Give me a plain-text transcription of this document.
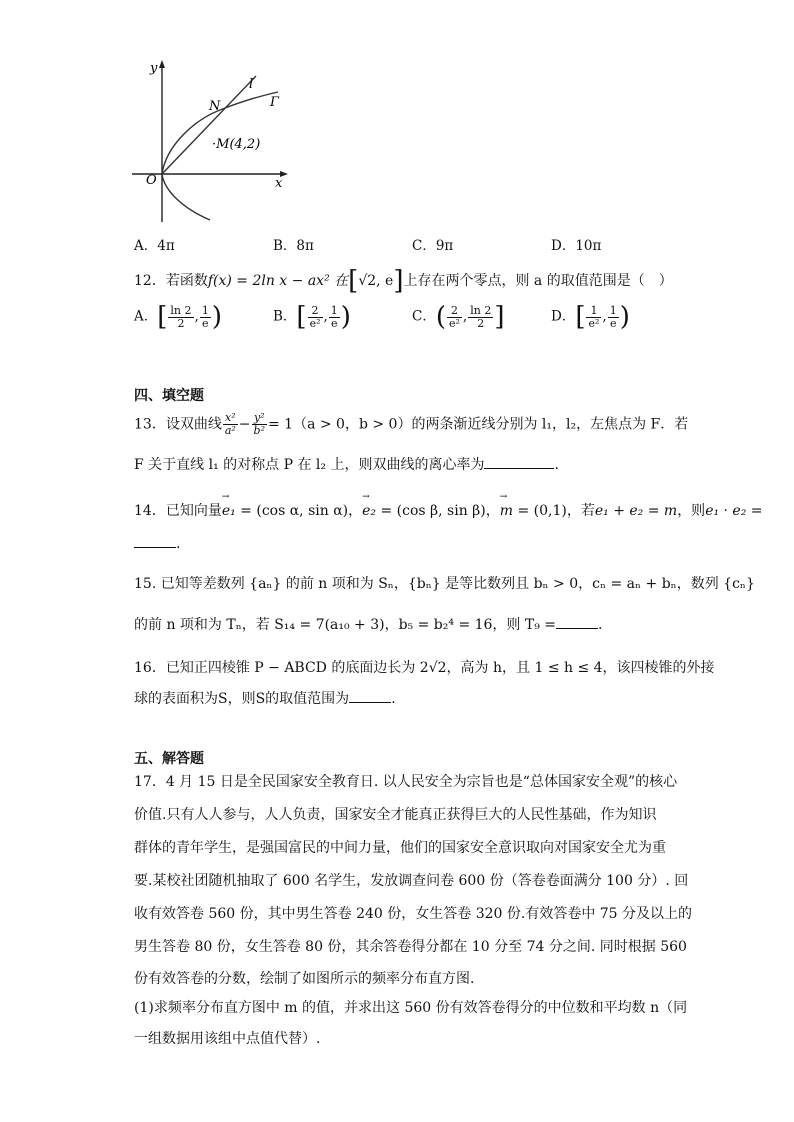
y
x
O
l
Γ
N
·M(4,2)
A．4π	B．8π	C．9π	D．10π
12．若函数f(x) = 2ln x − ax² 在[√2, e]上存在两个零点，则 a 的取值范围是（　）
A．[ $\frac{\ln 2}{2}$ , $\frac{1}{e}$ )	B．[ $\frac{2}{\text{e²}}$ , $\frac{1}{e}$ )	C．( $\frac{2}{\text{e²}}$ , $\frac{\ln 2}{2}$ ]	D．[ $\frac{1}{\text{e²}}$ , $\frac{1}{e}$ )
四、填空题
13．设双曲线 $\frac{\text{x²}}{\text{a²}} - \frac{\text{y²}}{\text{b²}} = 1(a > 0$，b > 0）的两条渐近线分别为 l₁，l₂，左焦点为 F．若
F 关于直线 l₁ 的对称点 P 在 l₂ 上，则双曲线的离心率为	.
14．已知向量→ e₁ = (cos α, sin α)，→ e₂ = (cos β, sin β)，→ m = (0,1)，若e₁ + e₂ = m，则e₁ · e₂ =
.
15. 已知等差数列 {aₙ} 的前 n 项和为 Sₙ，{bₙ} 是等比数列且 bₙ > 0，cₙ = aₙ + bₙ，数列 {cₙ}
的前 n 项和为 Tₙ，若 S₁₄ = 7(a₁₀ + 3)，b₅ = b₂⁴ = 16，则 T₉ =	.
16．已知正四棱锥 P − ABCD 的底面边长为 2√2，高为 h，且 1 ≤ h ≤ 4，该四棱锥的外接
球的表面积为S，则S的取值范围为	.
五、解答题
17．4 月 15 日是全民国家安全教育日. 以人民安全为宗旨也是“总体国家安全观”的核心
价值.只有人人参与，人人负责，国家安全才能真正获得巨大的人民性基础，作为知识
群体的青年学生，是强国富民的中间力量，他们的国家安全意识取向对国家安全尤为重
要.某校社团随机抽取了 600 名学生，发放调查问卷 600 份（答卷卷面满分 100 分）. 回
收有效答卷 560 份，其中男生答卷 240 份，女生答卷 320 份.有效答卷中 75 分及以上的
男生答卷 80 份，女生答卷 80 份，其余答卷得分都在 10 分至 74 分之间. 同时根据 560
份有效答卷的分数，绘制了如图所示的频率分布直方图.
(1)求频率分布直方图中 m 的值，并求出这 560 份有效答卷得分的中位数和平均数 n（同
一组数据用该组中点值代替）.
